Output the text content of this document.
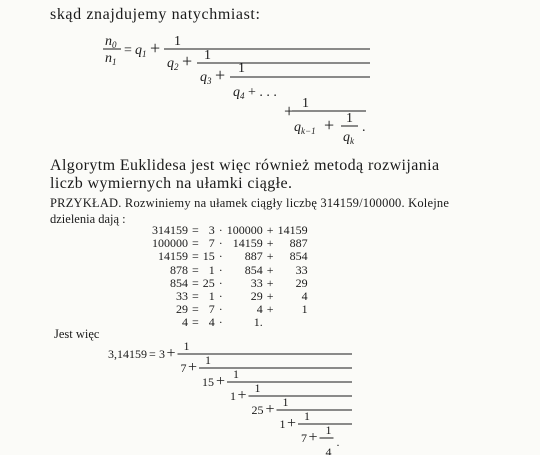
skąd znajdujemy natychmiast:
$n_0$
$n_1$
= $q_1 + 1$
$q_2 + 1$
$q_3 + 1$
$q_4$ + . . .
+ 1
$q_{k-1} + 1$
$q_k$
.
Algorytm Euklidesa jest więc również metodą rozwijania
liczb wymiernych na ułamki ciągłe.
PRZYKŁAD. Rozwiniemy na ułamek ciągły liczbę 314159/100000. Kolejne
dzielenia dają :
314159	=	3	·	100000	+	14159
100000	=	7	·	14159	+	887
14159	=	15	·	887	+	854
878	=	1	·	854	+	33
854	=	25	·	33	+	29
33	=	1	·	29	+	4
29	=	7	·	4	+	1
4	=	4	·	1.		
Jest więc
3,14159 = 3 + 1
7 + 1
15 + 1
1 + 1
25 + 1
1 + 1
7 + 1
4
.
